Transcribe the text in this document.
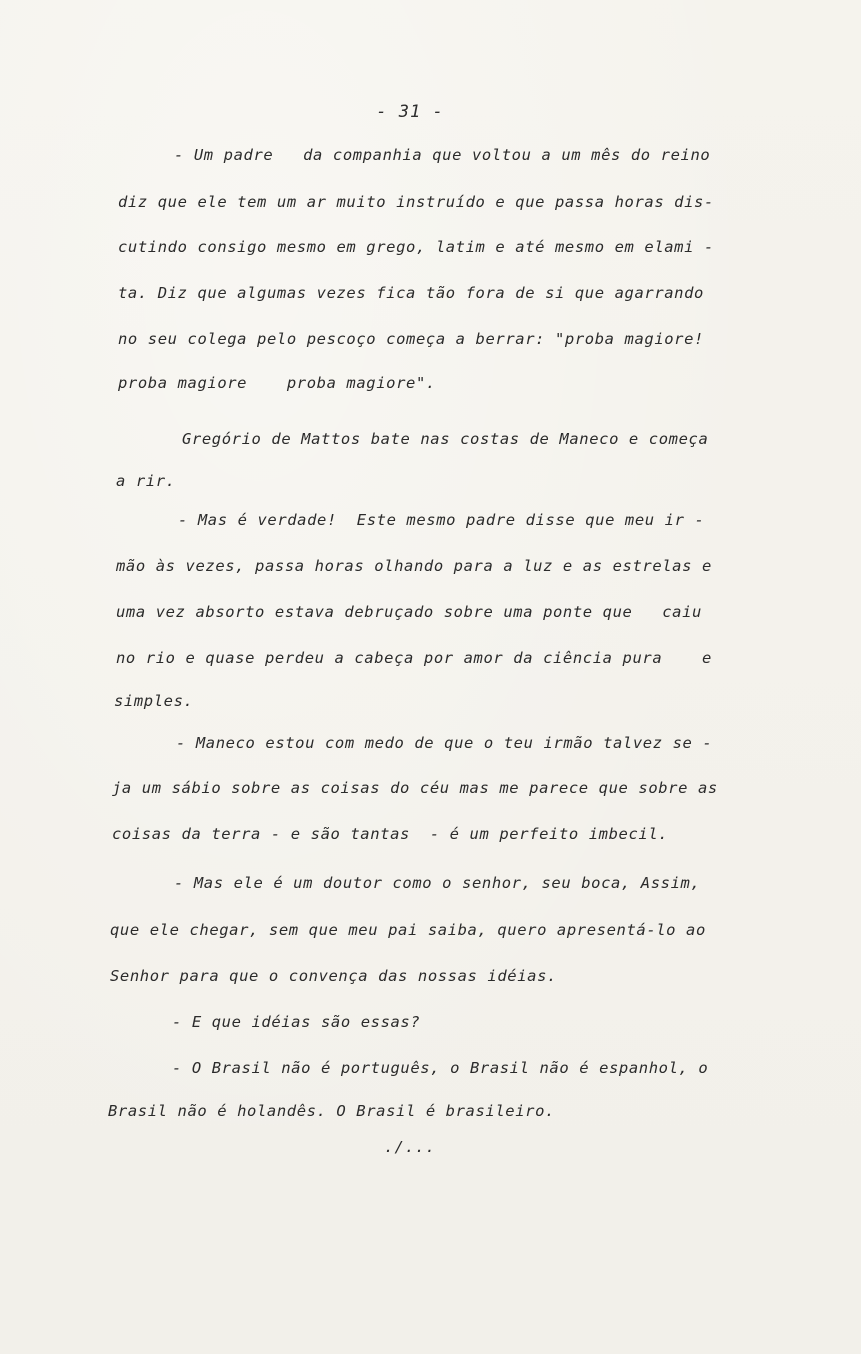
- 31 -
- Um padre   da companhia que voltou a um mês do reino
diz que ele tem um ar muito instruído e que passa horas dis-
cutindo consigo mesmo em grego, latim e até mesmo em elami -
ta. Diz que algumas vezes fica tão fora de si que agarrando
no seu colega pelo pescoço começa a berrar: "proba magiore!
proba magiore    proba magiore".
Gregório de Mattos bate nas costas de Maneco e começa
a rir.
- Mas é verdade!  Este mesmo padre disse que meu ir -
mão às vezes, passa horas olhando para a luz e as estrelas e
uma vez absorto estava debruçado sobre uma ponte que   caiu
no rio e quase perdeu a cabeça por amor da ciência pura    e
simples.
- Maneco estou com medo de que o teu irmão talvez se -
ja um sábio sobre as coisas do céu mas me parece que sobre as
coisas da terra - e são tantas  - é um perfeito imbecil.
- Mas ele é um doutor como o senhor, seu boca, Assim,
que ele chegar, sem que meu pai saiba, quero apresentá-lo ao
Senhor para que o convença das nossas idéias.
- E que idéias são essas?
- O Brasil não é português, o Brasil não é espanhol, o
Brasil não é holandês. O Brasil é brasileiro.
./...
